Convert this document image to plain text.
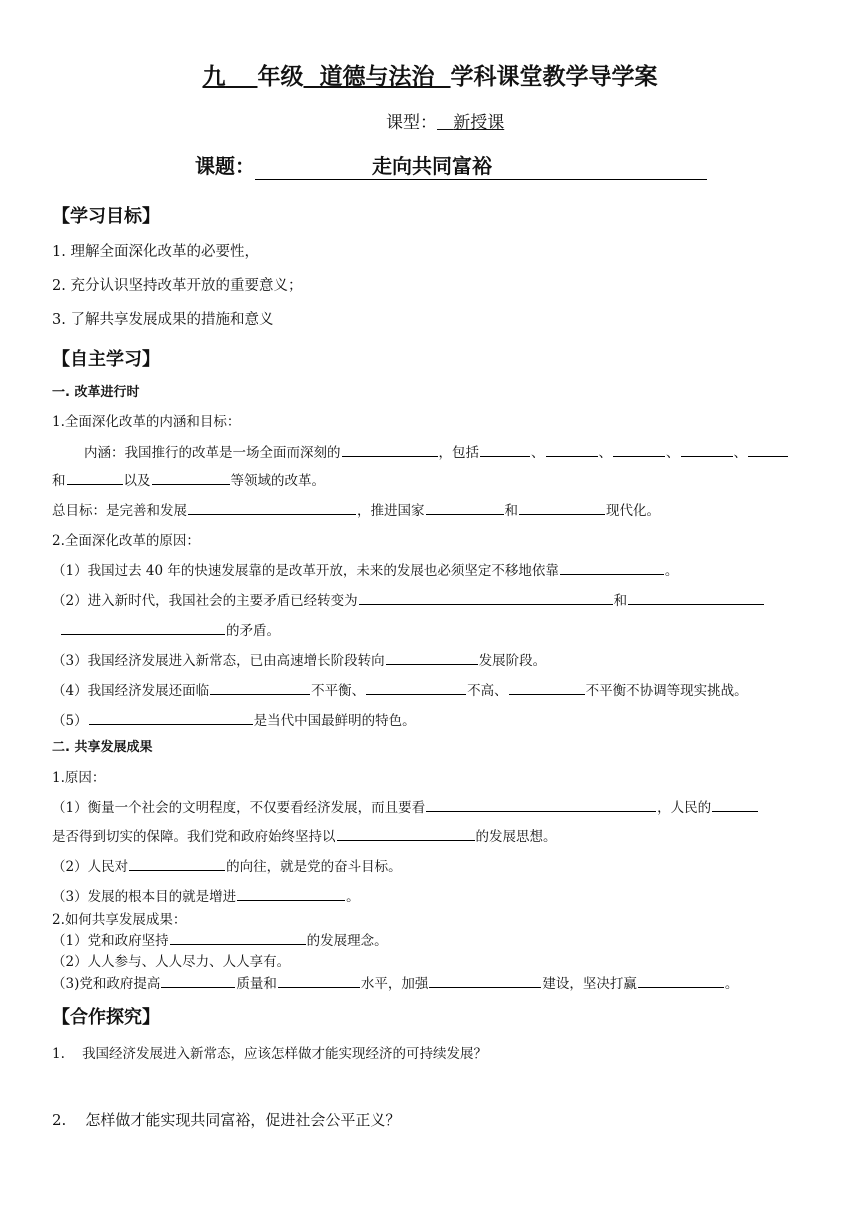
九 年级 道德与法治 学科课堂教学导学案
课型： 新授课
课题：	走向共同富裕
【学习目标】
1. 理解全面深化改革的必要性，
2. 充分认识坚持改革开放的重要意义；
3. 了解共享发展成果的措施和意义
【自主学习】
一. 改革进行时
1.全面深化改革的内涵和目标：
内涵：我国推行的改革是一场全面而深刻的	，包括	、	、	、	、
和	以及	等领域的改革。
总目标：是完善和发展	，推进国家	和	现代化。
2.全面深化改革的原因：
（1）我国过去 40 年的快速发展靠的是改革开放，未来的发展也必须坚定不移地依靠	。
（2）进入新时代，我国社会的主要矛盾已经转变为	和
的矛盾。
（3）我国经济发展进入新常态，已由高速增长阶段转向	发展阶段。
（4）我国经济发展还面临	不平衡、	不高、	不平衡不协调等现实挑战。
（5）	是当代中国最鲜明的特色。
二. 共享发展成果
1.原因：
（1）衡量一个社会的文明程度，不仅要看经济发展，而且要看	，人民的
是否得到切实的保障。我们党和政府始终坚持以	的发展思想。
（2）人民对	的向往，就是党的奋斗目标。
（3）发展的根本目的就是增进	。
2.如何共享发展成果：
（1）党和政府坚持	的发展理念。
（2）人人参与、人人尽力、人人享有。
（3)党和政府提高	质量和	水平，加强	建设，坚决打赢	。
【合作探究】
1. 我国经济发展进入新常态，应该怎样做才能实现经济的可持续发展？
2. 怎样做才能实现共同富裕，促进社会公平正义？
